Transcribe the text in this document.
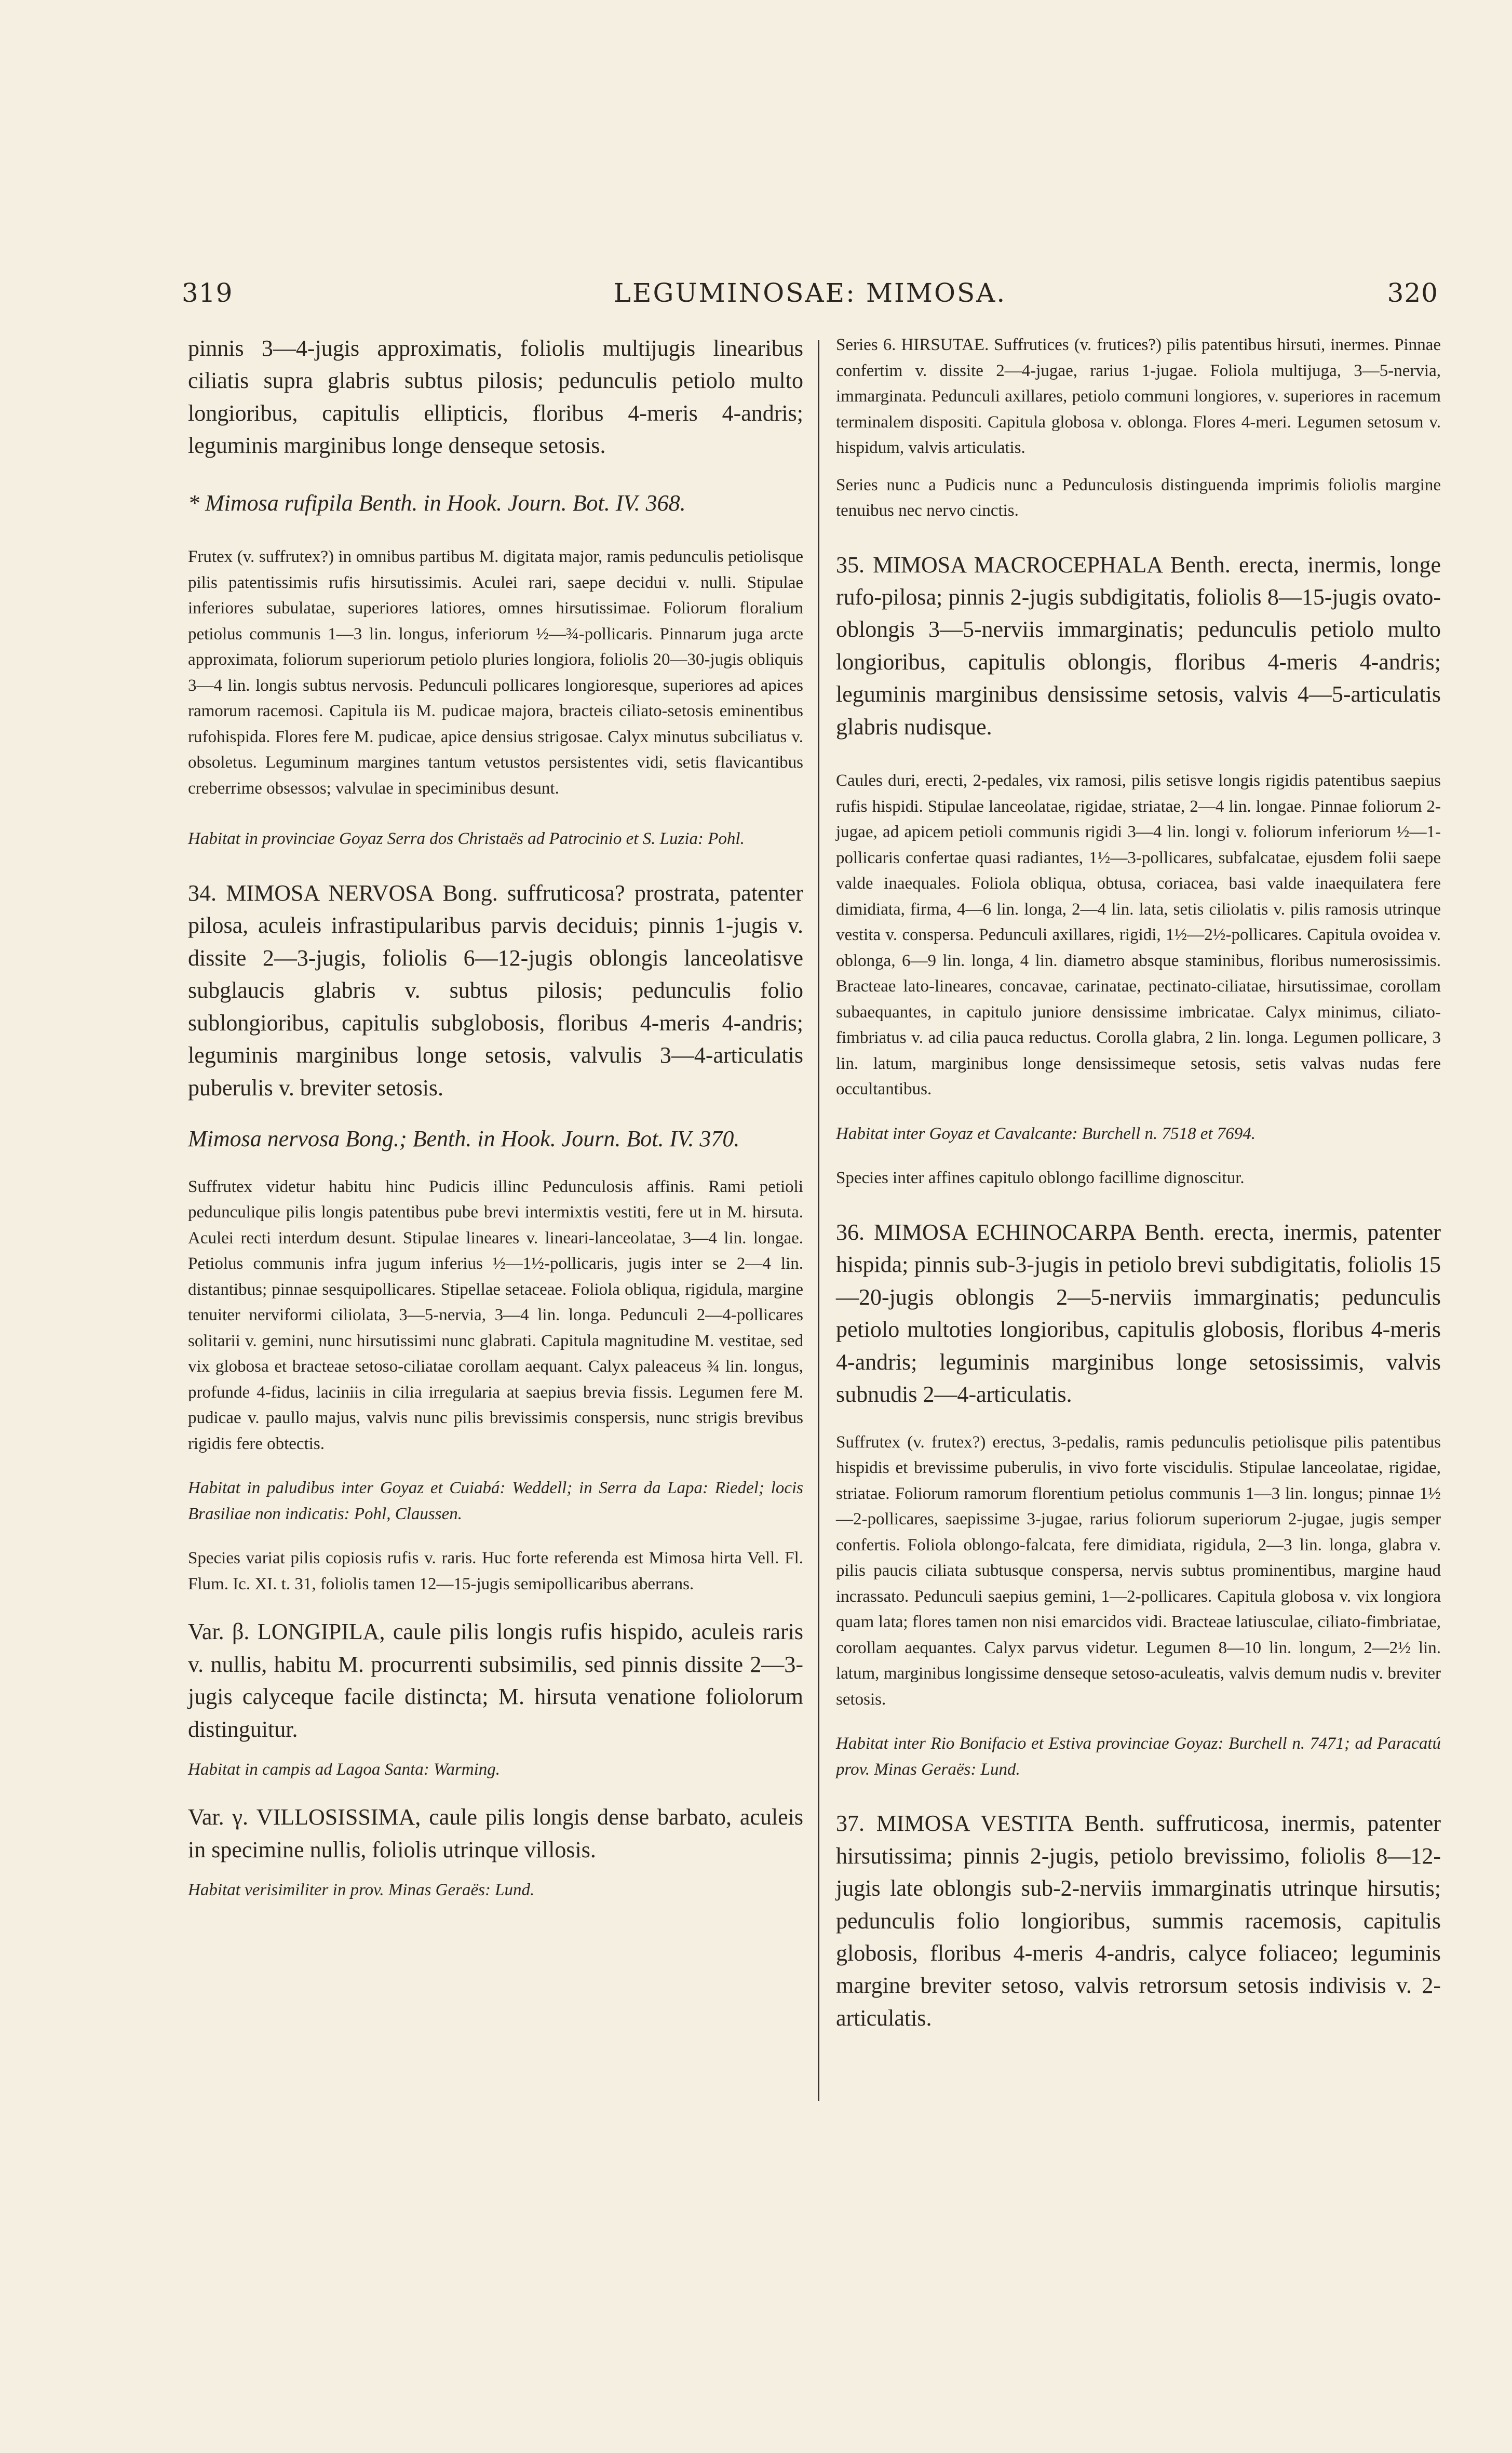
319	LEGUMINOSAE: MIMOSA.	320

pinnis 3—4-jugis approximatis, foliolis multijugis linearibus ciliatis supra glabris subtus pilosis; pedunculis petiolo multo longioribus, capitulis ellipticis, floribus 4-meris 4-andris; leguminis marginibus longe denseque setosis.

* Mimosa rufipila Benth. in Hook. Journ. Bot. IV. 368.

Frutex (v. suffrutex?) in omnibus partibus M. digitata major, ramis pedunculis petiolisque pilis patentissimis rufis hirsutissimis. Aculei rari, saepe decidui v. nulli. Stipulae inferiores subulatae, superiores latiores, omnes hirsutissimae. Foliorum floralium petiolus communis 1—3 lin. longus, inferiorum ½—¾-pollicaris. Pinnarum juga arcte approximata, foliorum superiorum petiolo pluries longiora, foliolis 20—30-jugis obliquis 3—4 lin. longis subtus nervosis. Pedunculi pollicares longioresque, superiores ad apices ramorum racemosi. Capitula iis M. pudicae majora, bracteis ciliato-setosis eminentibus rufohispida. Flores fere M. pudicae, apice densius strigosae. Calyx minutus subciliatus v. obsoletus. Leguminum margines tantum vetustos persistentes vidi, setis flavicantibus creberrime obsessos; valvulae in speciminibus desunt.

Habitat in provinciae Goyaz Serra dos Christaës ad Patrocinio et S. Luzia: Pohl.

34. MIMOSA NERVOSA Bong. suffruticosa? prostrata, patenter pilosa, aculeis infrastipularibus parvis deciduis; pinnis 1-jugis v. dissite 2—3-jugis, foliolis 6—12-jugis oblongis lanceolatisve subglaucis glabris v. subtus pilosis; pedunculis folio sublongioribus, capitulis subglobosis, floribus 4-meris 4-andris; leguminis marginibus longe setosis, valvulis 3—4-articulatis puberulis v. breviter setosis.

Mimosa nervosa Bong.; Benth. in Hook. Journ. Bot. IV. 370.

Suffrutex videtur habitu hinc Pudicis illinc Pedunculosis affinis. Rami petioli pedunculique pilis longis patentibus pube brevi intermixtis vestiti, fere ut in M. hirsuta. Aculei recti interdum desunt. Stipulae lineares v. lineari-lanceolatae, 3—4 lin. longae. Petiolus communis infra jugum inferius ½—1½-pollicaris, jugis inter se 2—4 lin. distantibus; pinnae sesquipollicares. Stipellae setaceae. Foliola obliqua, rigidula, margine tenuiter nerviformi ciliolata, 3—5-nervia, 3—4 lin. longa. Pedunculi 2—4-pollicares solitarii v. gemini, nunc hirsutissimi nunc glabrati. Capitula magnitudine M. vestitae, sed vix globosa et bracteae setoso-ciliatae corollam aequant. Calyx paleaceus ¾ lin. longus, profunde 4-fidus, laciniis in cilia irregularia at saepius brevia fissis. Legumen fere M. pudicae v. paullo majus, valvis nunc pilis brevissimis conspersis, nunc strigis brevibus rigidis fere obtectis.

Habitat in paludibus inter Goyaz et Cuiabá: Weddell; in Serra da Lapa: Riedel; locis Brasiliae non indicatis: Pohl, Claussen.

Species variat pilis copiosis rufis v. raris. Huc forte referenda est Mimosa hirta Vell. Fl. Flum. Ic. XI. t. 31, foliolis tamen 12—15-jugis semipollicaribus aberrans.

Var. β. LONGIPILA, caule pilis longis rufis hispido, aculeis raris v. nullis, habitu M. procurrenti subsimilis, sed pinnis dissite 2—3-jugis calyceque facile distincta; M. hirsuta venatione foliolorum distinguitur.

Habitat in campis ad Lagoa Santa: Warming.

Var. γ. VILLOSISSIMA, caule pilis longis dense barbato, aculeis in specimine nullis, foliolis utrinque villosis.

Habitat verisimiliter in prov. Minas Geraës: Lund.

Series 6. HIRSUTAE. Suffrutices (v. frutices?) pilis patentibus hirsuti, inermes. Pinnae confertim v. dissite 2—4-jugae, rarius 1-jugae. Foliola multijuga, 3—5-nervia, immarginata. Pedunculi axillares, petiolo communi longiores, v. superiores in racemum terminalem dispositi. Capitula globosa v. oblonga. Flores 4-meri. Legumen setosum v. hispidum, valvis articulatis.

Series nunc a Pudicis nunc a Pedunculosis distinguenda imprimis foliolis margine tenuibus nec nervo cinctis.

35. MIMOSA MACROCEPHALA Benth. erecta, inermis, longe rufo-pilosa; pinnis 2-jugis subdigitatis, foliolis 8—15-jugis ovato-oblongis 3—5-nerviis immarginatis; pedunculis petiolo multo longioribus, capitulis oblongis, floribus 4-meris 4-andris; leguminis marginibus densissime setosis, valvis 4—5-articulatis glabris nudisque.

Caules duri, erecti, 2-pedales, vix ramosi, pilis setisve longis rigidis patentibus saepius rufis hispidi. Stipulae lanceolatae, rigidae, striatae, 2—4 lin. longae. Pinnae foliorum 2-jugae, ad apicem petioli communis rigidi 3—4 lin. longi v. foliorum inferiorum ½—1-pollicaris confertae quasi radiantes, 1½—3-pollicares, subfalcatae, ejusdem folii saepe valde inaequales. Foliola obliqua, obtusa, coriacea, basi valde inaequilatera fere dimidiata, firma, 4—6 lin. longa, 2—4 lin. lata, setis ciliolatis v. pilis ramosis utrinque vestita v. conspersa. Pedunculi axillares, rigidi, 1½—2½-pollicares. Capitula ovoidea v. oblonga, 6—9 lin. longa, 4 lin. diametro absque staminibus, floribus numerosissimis. Bracteae lato-lineares, concavae, carinatae, pectinato-ciliatae, hirsutissimae, corollam subaequantes, in capitulo juniore densissime imbricatae. Calyx minimus, ciliato-fimbriatus v. ad cilia pauca reductus. Corolla glabra, 2 lin. longa. Legumen pollicare, 3 lin. latum, marginibus longe densissimeque setosis, setis valvas nudas fere occultantibus.

Habitat inter Goyaz et Cavalcante: Burchell n. 7518 et 7694.

Species inter affines capitulo oblongo facillime dignoscitur.

36. MIMOSA ECHINOCARPA Benth. erecta, inermis, patenter hispida; pinnis sub-3-jugis in petiolo brevi subdigitatis, foliolis 15—20-jugis oblongis 2—5-nerviis immarginatis; pedunculis petiolo multoties longioribus, capitulis globosis, floribus 4-meris 4-andris; leguminis marginibus longe setosissimis, valvis subnudis 2—4-articulatis.

Suffrutex (v. frutex?) erectus, 3-pedalis, ramis pedunculis petiolisque pilis patentibus hispidis et brevissime puberulis, in vivo forte viscidulis. Stipulae lanceolatae, rigidae, striatae. Foliorum ramorum florentium petiolus communis 1—3 lin. longus; pinnae 1½—2-pollicares, saepissime 3-jugae, rarius foliorum superiorum 2-jugae, jugis semper confertis. Foliola oblongo-falcata, fere dimidiata, rigidula, 2—3 lin. longa, glabra v. pilis paucis ciliata subtusque conspersa, nervis subtus prominentibus, margine haud incrassato. Pedunculi saepius gemini, 1—2-pollicares. Capitula globosa v. vix longiora quam lata; flores tamen non nisi emarcidos vidi. Bracteae latiusculae, ciliato-fimbriatae, corollam aequantes. Calyx parvus videtur. Legumen 8—10 lin. longum, 2—2½ lin. latum, marginibus longissime denseque setoso-aculeatis, valvis demum nudis v. breviter setosis.

Habitat inter Rio Bonifacio et Estiva provinciae Goyaz: Burchell n. 7471; ad Paracatú prov. Minas Geraës: Lund.

37. MIMOSA VESTITA Benth. suffruticosa, inermis, patenter hirsutissima; pinnis 2-jugis, petiolo brevissimo, foliolis 8—12-jugis late oblongis sub-2-nerviis immarginatis utrinque hirsutis; pedunculis folio longioribus, summis racemosis, capitulis globosis, floribus 4-meris 4-andris, calyce foliaceo; leguminis margine breviter setoso, valvis retrorsum setosis indivisis v. 2-articulatis.
